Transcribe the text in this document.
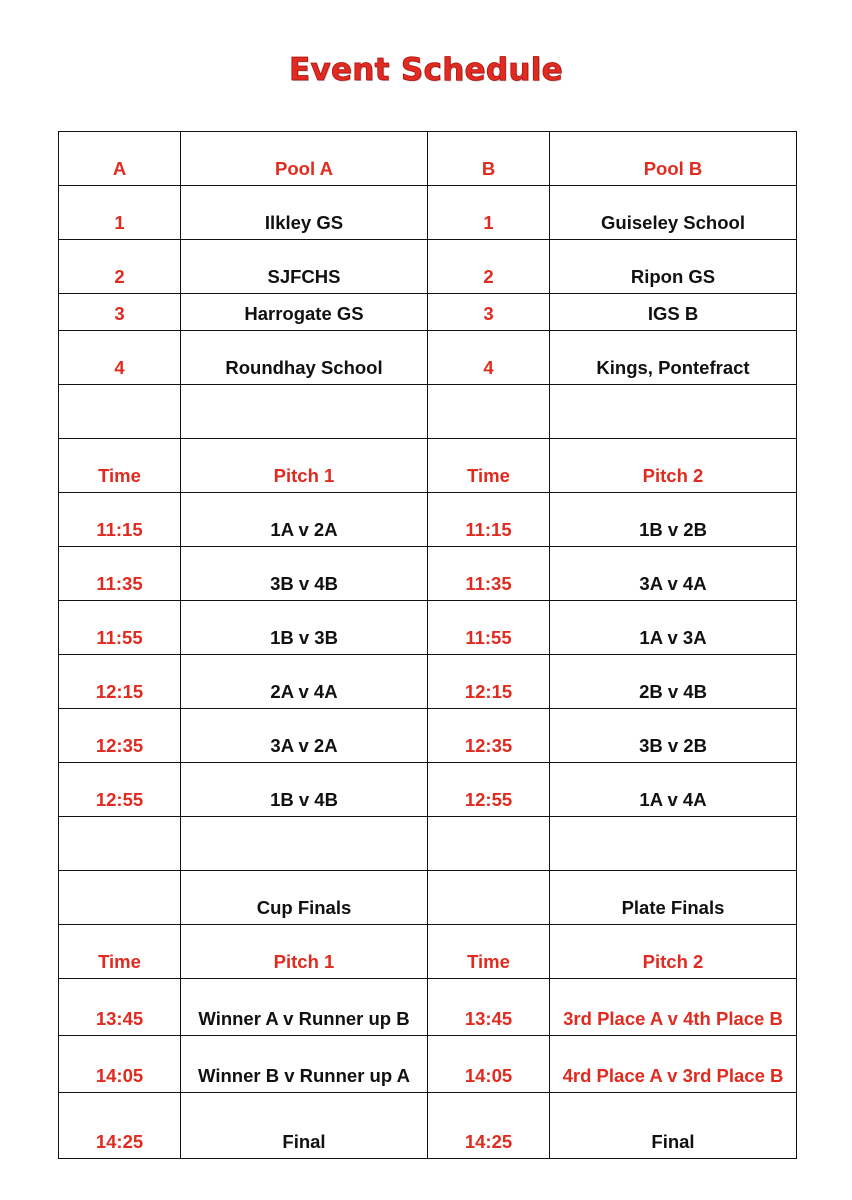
Event Schedule
A	Pool A	B	Pool B
1	Ilkley GS	1	Guiseley School
2	SJFCHS	2	Ripon GS
3	Harrogate GS	3	IGS B
4	Roundhay School	4	Kings, Pontefract

Time	Pitch 1	Time	Pitch 2
11:15	1A v 2A	11:15	1B v 2B
11:35	3B v 4B	11:35	3A v 4A
11:55	1B v 3B	11:55	1A v 3A
12:15	2A v 4A	12:15	2B v 4B
12:35	3A v 2A	12:35	3B v 2B
12:55	1B v 4B	12:55	1A v 4A

	Cup Finals		Plate Finals
Time	Pitch 1	Time	Pitch 2
13:45	Winner A v Runner up B	13:45	3rd Place A v 4th Place B
14:05	Winner B v Runner up A	14:05	4rd Place A v 3rd Place B
14:25	Final	14:25	Final
